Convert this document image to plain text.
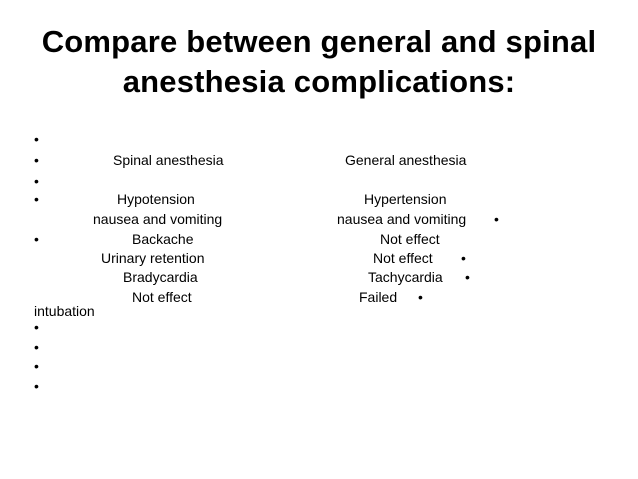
Compare between general and spinal
anesthesia complications:
•
•
•
•
•
•
•
•
•
Spinal anesthesia	General anesthesia
Hypotension
nausea and vomiting
Backache
Urinary retention
Bradycardia
Not effect
Hypertension
nausea and vomiting
Not effect
Not effect
Tachycardia
Failed
•
•
•
•
intubation
